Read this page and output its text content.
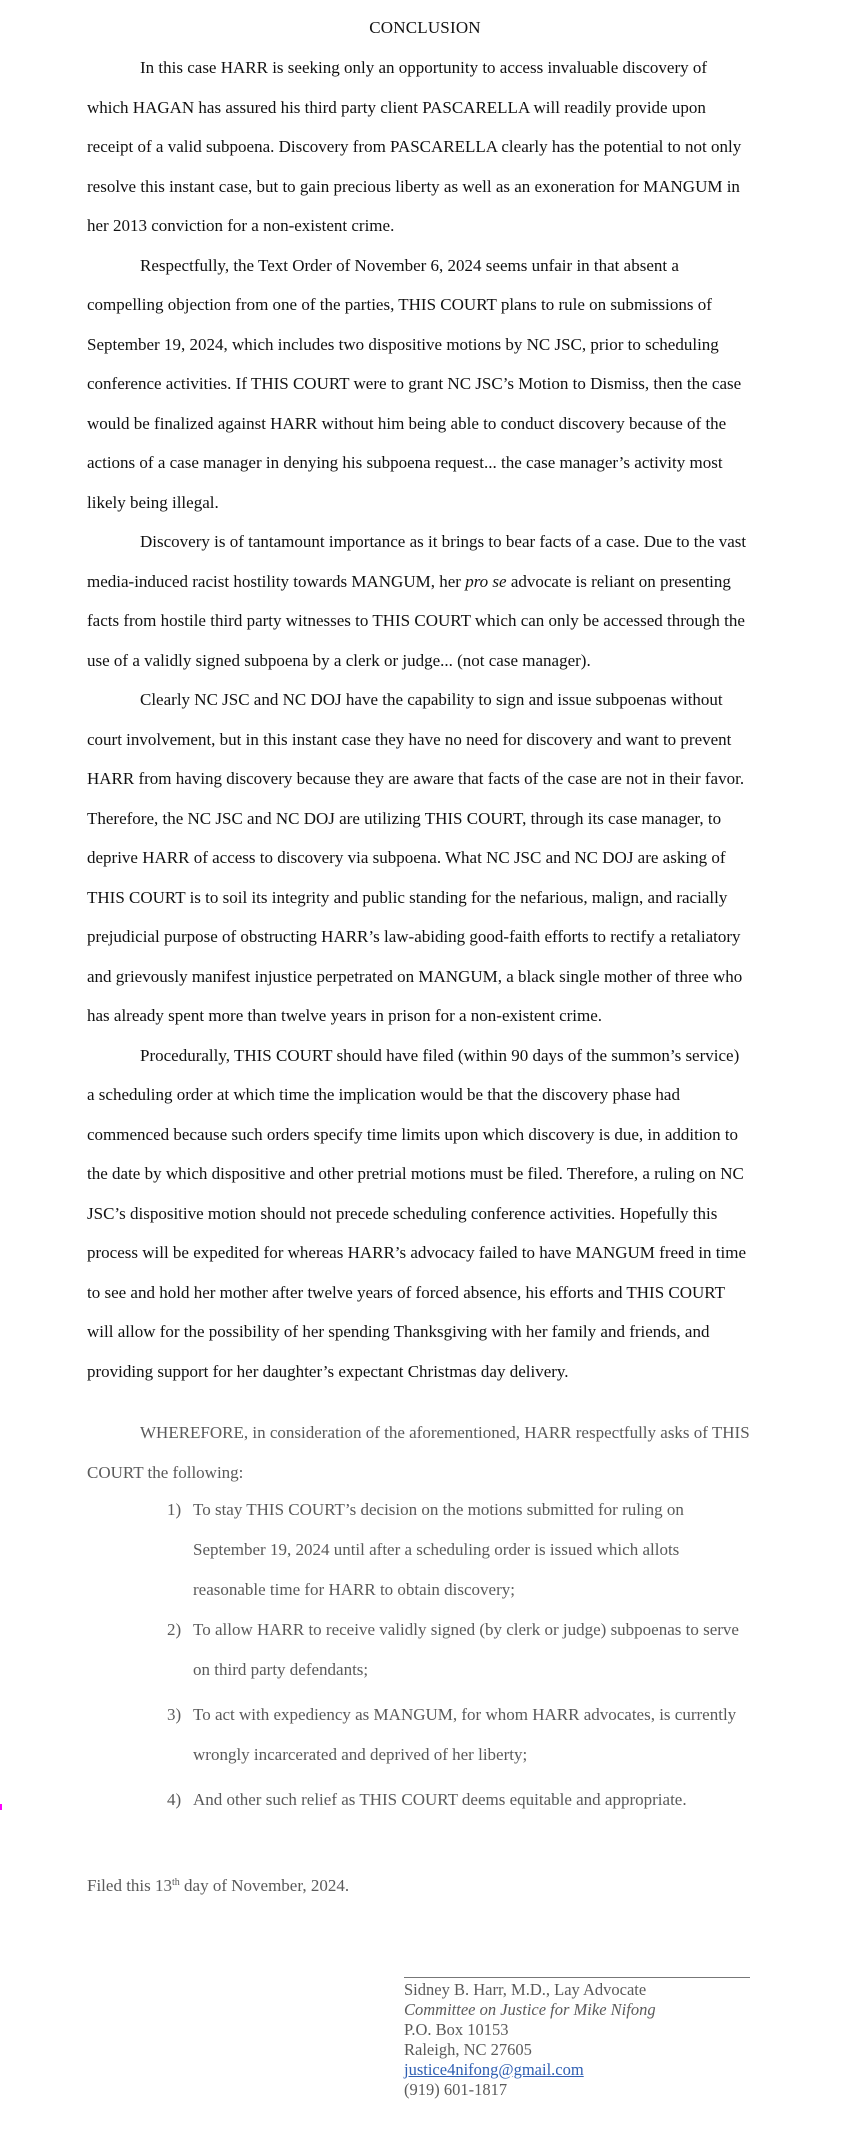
CONCLUSION
In this case HARR is seeking only an opportunity to access invaluable discovery of
which HAGAN has assured his third party client PASCARELLA will readily provide upon
receipt of a valid subpoena. Discovery from PASCARELLA clearly has the potential to not only
resolve this instant case, but to gain precious liberty as well as an exoneration for MANGUM in
her 2013 conviction for a non-existent crime.
Respectfully, the Text Order of November 6, 2024 seems unfair in that absent a
compelling objection from one of the parties, THIS COURT plans to rule on submissions of
September 19, 2024, which includes two dispositive motions by NC JSC, prior to scheduling
conference activities. If THIS COURT were to grant NC JSC’s Motion to Dismiss, then the case
would be finalized against HARR without him being able to conduct discovery because of the
actions of a case manager in denying his subpoena request... the case manager’s activity most
likely being illegal.
Discovery is of tantamount importance as it brings to bear facts of a case. Due to the vast
media-induced racist hostility towards MANGUM, her pro se advocate is reliant on presenting
facts from hostile third party witnesses to THIS COURT which can only be accessed through the
use of a validly signed subpoena by a clerk or judge... (not case manager).
Clearly NC JSC and NC DOJ have the capability to sign and issue subpoenas without
court involvement, but in this instant case they have no need for discovery and want to prevent
HARR from having discovery because they are aware that facts of the case are not in their favor.
Therefore, the NC JSC and NC DOJ are utilizing THIS COURT, through its case manager, to
deprive HARR of access to discovery via subpoena. What NC JSC and NC DOJ are asking of
THIS COURT is to soil its integrity and public standing for the nefarious, malign, and racially
prejudicial purpose of obstructing HARR’s law-abiding good-faith efforts to rectify a retaliatory
and grievously manifest injustice perpetrated on MANGUM, a black single mother of three who
has already spent more than twelve years in prison for a non-existent crime.
Procedurally, THIS COURT should have filed (within 90 days of the summon’s service)
a scheduling order at which time the implication would be that the discovery phase had
commenced because such orders specify time limits upon which discovery is due, in addition to
the date by which dispositive and other pretrial motions must be filed. Therefore, a ruling on NC
JSC’s dispositive motion should not precede scheduling conference activities. Hopefully this
process will be expedited for whereas HARR’s advocacy failed to have MANGUM freed in time
to see and hold her mother after twelve years of forced absence, his efforts and THIS COURT
will allow for the possibility of her spending Thanksgiving with her family and friends, and
providing support for her daughter’s expectant Christmas day delivery.
WHEREFORE, in consideration of the aforementioned, HARR respectfully asks of THIS
COURT the following:
1) To stay THIS COURT’s decision on the motions submitted for ruling on
September 19, 2024 until after a scheduling order is issued which allots
reasonable time for HARR to obtain discovery;
2) To allow HARR to receive validly signed (by clerk or judge) subpoenas to serve
on third party defendants;
3) To act with expediency as MANGUM, for whom HARR advocates, is currently
wrongly incarcerated and deprived of her liberty;
4) And other such relief as THIS COURT deems equitable and appropriate.
Filed this 13th day of November, 2024.
Sidney B. Harr, M.D., Lay Advocate
Committee on Justice for Mike Nifong
P.O. Box 10153
Raleigh, NC 27605
justice4nifong@gmail.com
(919) 601-1817
